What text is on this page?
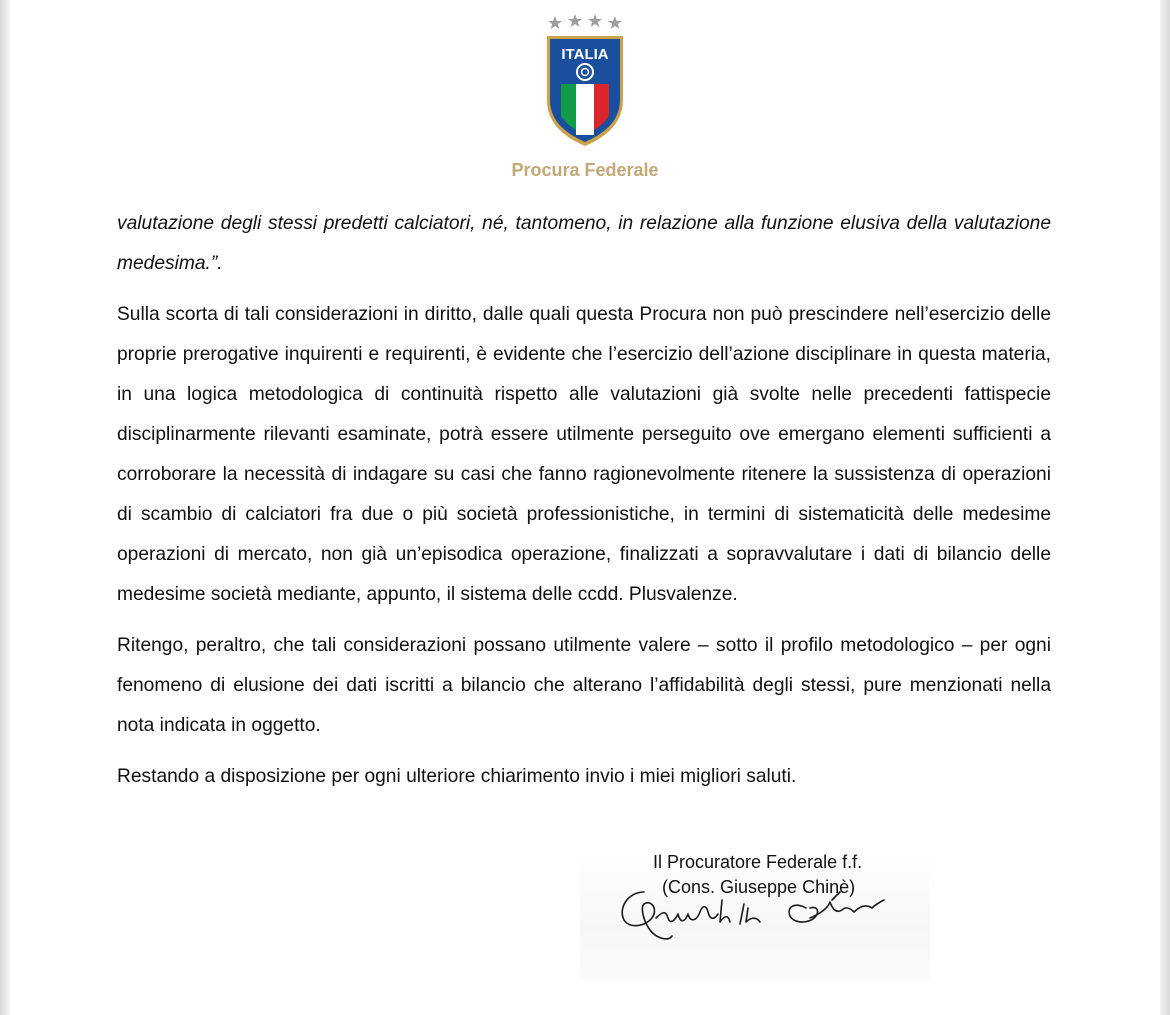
ITALIA
Procura Federale

valutazione degli stessi predetti calciatori, né, tantomeno, in relazione alla funzione elusiva della valutazione medesima.”.

Sulla scorta di tali considerazioni in diritto, dalle quali questa Procura non può prescindere nell’esercizio delle proprie prerogative inquirenti e requirenti, è evidente che l’esercizio dell’azione disciplinare in questa materia, in una logica metodologica di continuità rispetto alle valutazioni già svolte nelle precedenti fattispecie disciplinarmente rilevanti esaminate, potrà essere utilmente perseguito ove emergano elementi sufficienti a corroborare la necessità di indagare su casi che fanno ragionevolmente ritenere la sussistenza di operazioni di scambio di calciatori fra due o più società professionistiche, in termini di sistematicità delle medesime operazioni di mercato, non già un’episodica operazione, finalizzati a sopravvalutare i dati di bilancio delle medesime società mediante, appunto, il sistema delle ccdd. Plusvalenze.

Ritengo, peraltro, che tali considerazioni possano utilmente valere – sotto il profilo metodologico – per ogni fenomeno di elusione dei dati iscritti a bilancio che alterano l’affidabilità degli stessi, pure menzionati nella nota indicata in oggetto.

Restando a disposizione per ogni ulteriore chiarimento invio i miei migliori saluti.

Il Procuratore Federale f.f.
(Cons. Giuseppe Chinè)
